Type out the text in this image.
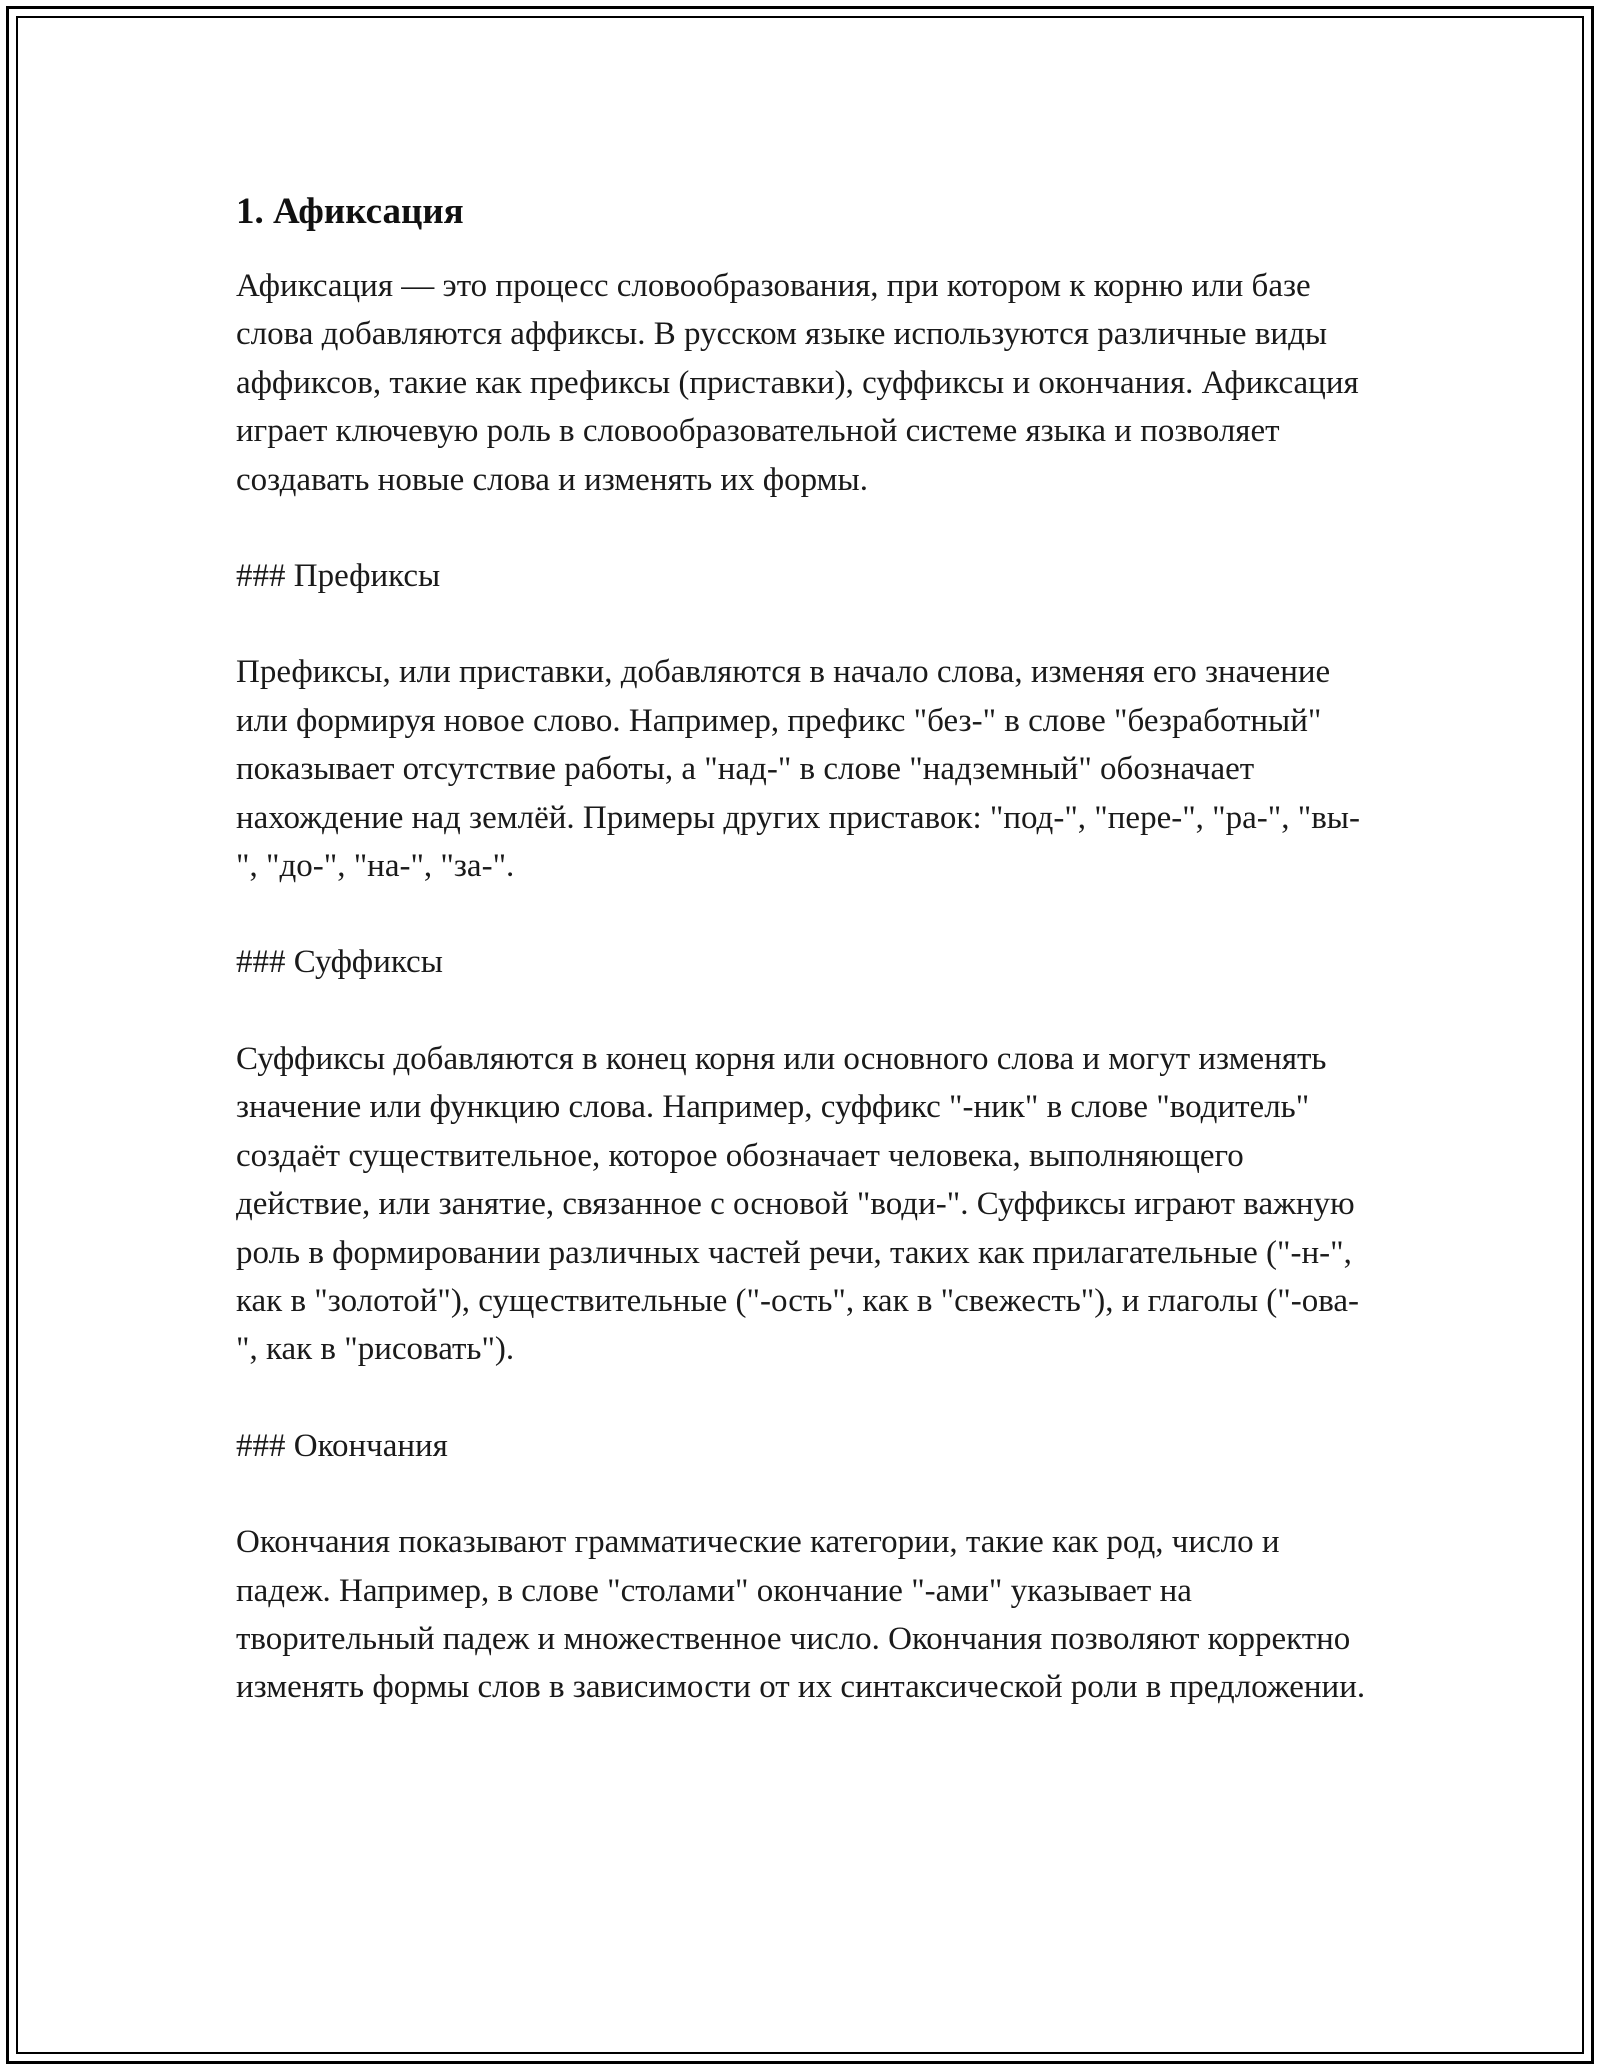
1. Афиксация

Афиксация — это процесс словообразования, при котором к корню или базе слова добавляются аффиксы. В русском языке используются различные виды аффиксов, такие как префиксы (приставки), суффиксы и окончания. Афиксация играет ключевую роль в словообразовательной системе языка и позволяет создавать новые слова и изменять их формы.

### Префиксы

Префиксы, или приставки, добавляются в начало слова, изменяя его значение или формируя новое слово. Например, префикс "без-" в слове "безработный" показывает отсутствие работы, а "над-" в слове "надземный" обозначает нахождение над землёй. Примеры других приставок: "под-", "пере-", "ра-", "вы-", "до-", "на-", "за-".

### Суффиксы

Суффиксы добавляются в конец корня или основного слова и могут изменять значение или функцию слова. Например, суффикс "-ник" в слове "водитель" создаёт существительное, которое обозначает человека, выполняющего действие, или занятие, связанное с основой "води-". Суффиксы играют важную роль в формировании различных частей речи, таких как прилагательные ("-н-", как в "золотой"), существительные ("-ость", как в "свежесть"), и глаголы ("-ова-", как в "рисовать").

### Окончания

Окончания показывают грамматические категории, такие как род, число и падеж. Например, в слове "столами" окончание "-ами" указывает на творительный падеж и множественное число. Окончания позволяют корректно изменять формы слов в зависимости от их синтаксической роли в предложении.
